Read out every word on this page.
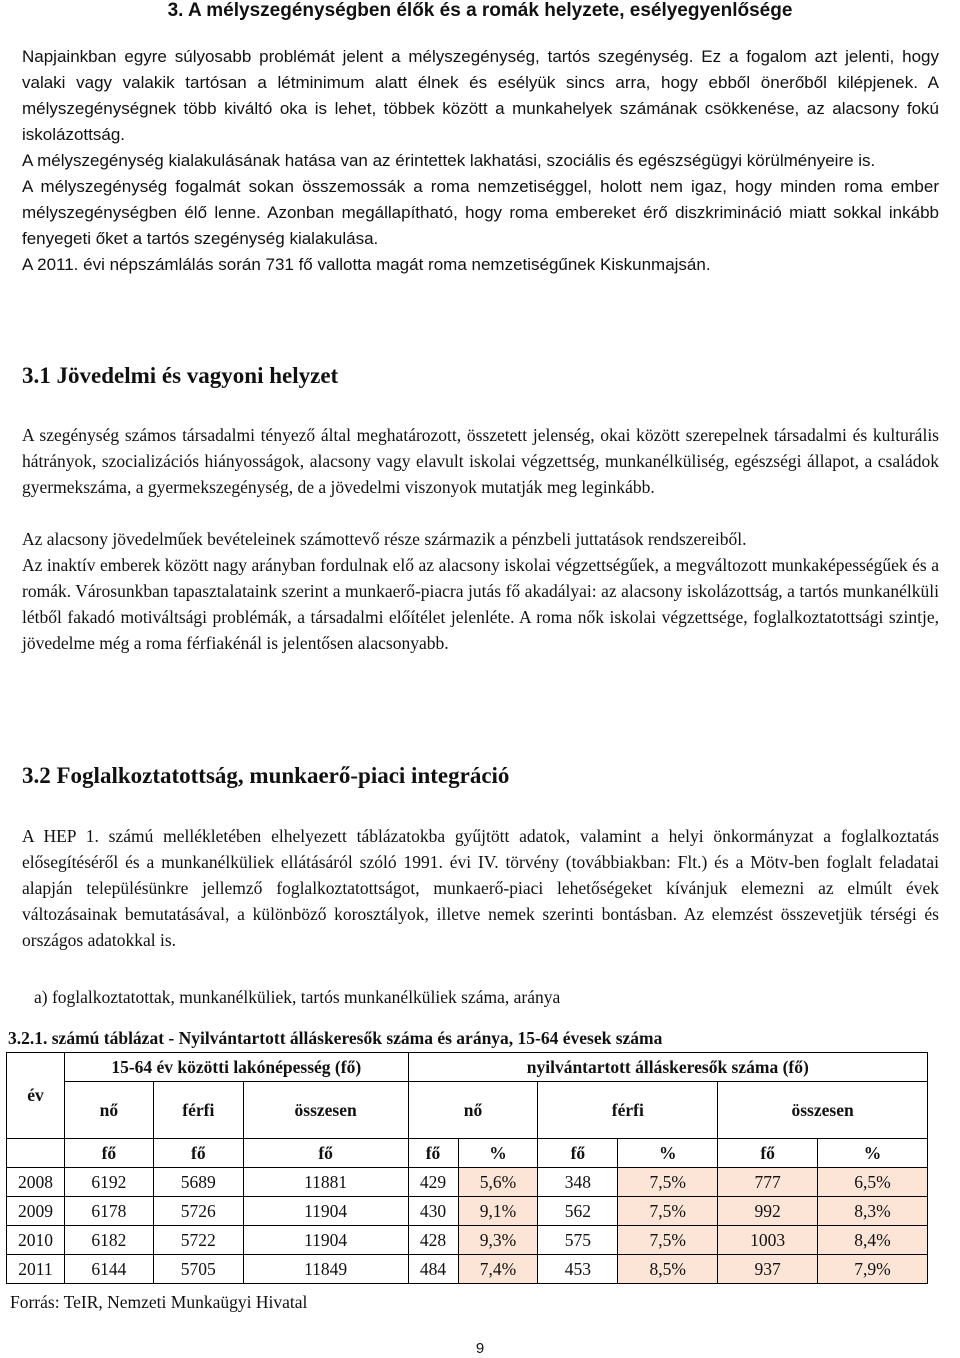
3. A mélyszegénységben élők és a romák helyzete, esélyegyenlősége

Napjainkban egyre súlyosabb problémát jelent a mélyszegénység, tartós szegénység. Ez a fogalom azt jelenti, hogy valaki vagy valakik tartósan a létminimum alatt élnek és esélyük sincs arra, hogy ebből önerőből kilépjenek. A mélyszegénységnek több kiváltó oka is lehet, többek között a munkahelyek számának csökkenése, az alacsony fokú iskolázottság.

A mélyszegénység kialakulásának hatása van az érintettek lakhatási, szociális és egészségügyi körülményeire is.

A mélyszegénység fogalmát sokan összemossák a roma nemzetiséggel, holott nem igaz, hogy minden roma ember mélyszegénységben élő lenne. Azonban megállapítható, hogy roma embereket érő diszkrimináció miatt sokkal inkább fenyegeti őket a tartós szegénység kialakulása.

A 2011. évi népszámlálás során 731 fő vallotta magát roma nemzetiségűnek Kiskunmajsán.

3.1 Jövedelmi és vagyoni helyzet

A szegénység számos társadalmi tényező által meghatározott, összetett jelenség, okai között szerepelnek társadalmi és kulturális hátrányok, szocializációs hiányosságok, alacsony vagy elavult iskolai végzettség, munkanélküliség, egészségi állapot, a családok gyermekszáma, a gyermekszegénység, de a jövedelmi viszonyok mutatják meg leginkább.

Az alacsony jövedelműek bevételeinek számottevő része származik a pénzbeli juttatások rendszereiből.

Az inaktív emberek között nagy arányban fordulnak elő az alacsony iskolai végzettségűek, a megváltozott munkaképességűek és a romák. Városunkban tapasztalataink szerint a munkaerő-piacra jutás fő akadályai: az alacsony iskolázottság, a tartós munkanélküli létből fakadó motiváltsági problémák, a társadalmi előítélet jelenléte. A roma nők iskolai végzettsége, foglalkoztatottsági szintje, jövedelme még a roma férfiakénál is jelentősen alacsonyabb.

3.2 Foglalkoztatottság, munkaerő-piaci integráció

A HEP 1. számú mellékletében elhelyezett táblázatokba gyűjtött adatok, valamint a helyi önkormányzat a foglalkoztatás elősegítéséről és a munkanélküliek ellátásáról szóló 1991. évi IV. törvény (továbbiakban: Flt.) és a Mötv-ben foglalt feladatai alapján településünkre jellemző foglalkoztatottságot, munkaerő-piaci lehetőségeket kívánjuk elemezni az elmúlt évek változásainak bemutatásával, a különböző korosztályok, illetve nemek szerinti bontásban. Az elemzést összevetjük térségi és országos adatokkal is.

a) foglalkoztatottak, munkanélküliek, tartós munkanélküliek száma, aránya
3.2.1. számú táblázat - Nyilvántartott álláskeresők száma és aránya, 15-64 évesek száma
év	15-64 év közötti lakónépesség (fő)			nyilvántartott álláskeresők száma (fő)					
	nő	férfi	összesen	nő		férfi		összesen	
	fő	fő	fő	fő	%	fő	%	fő	%
2008	6192	5689	11881	429	5,6%	348	7,5%	777	6,5%
2009	6178	5726	11904	430	9,1%	562	7,5%	992	8,3%
2010	6182	5722	11904	428	9,3%	575	7,5%	1003	8,4%
2011	6144	5705	11849	484	7,4%	453	8,5%	937	7,9%
Forrás: TeIR, Nemzeti Munkaügyi Hivatal
9
